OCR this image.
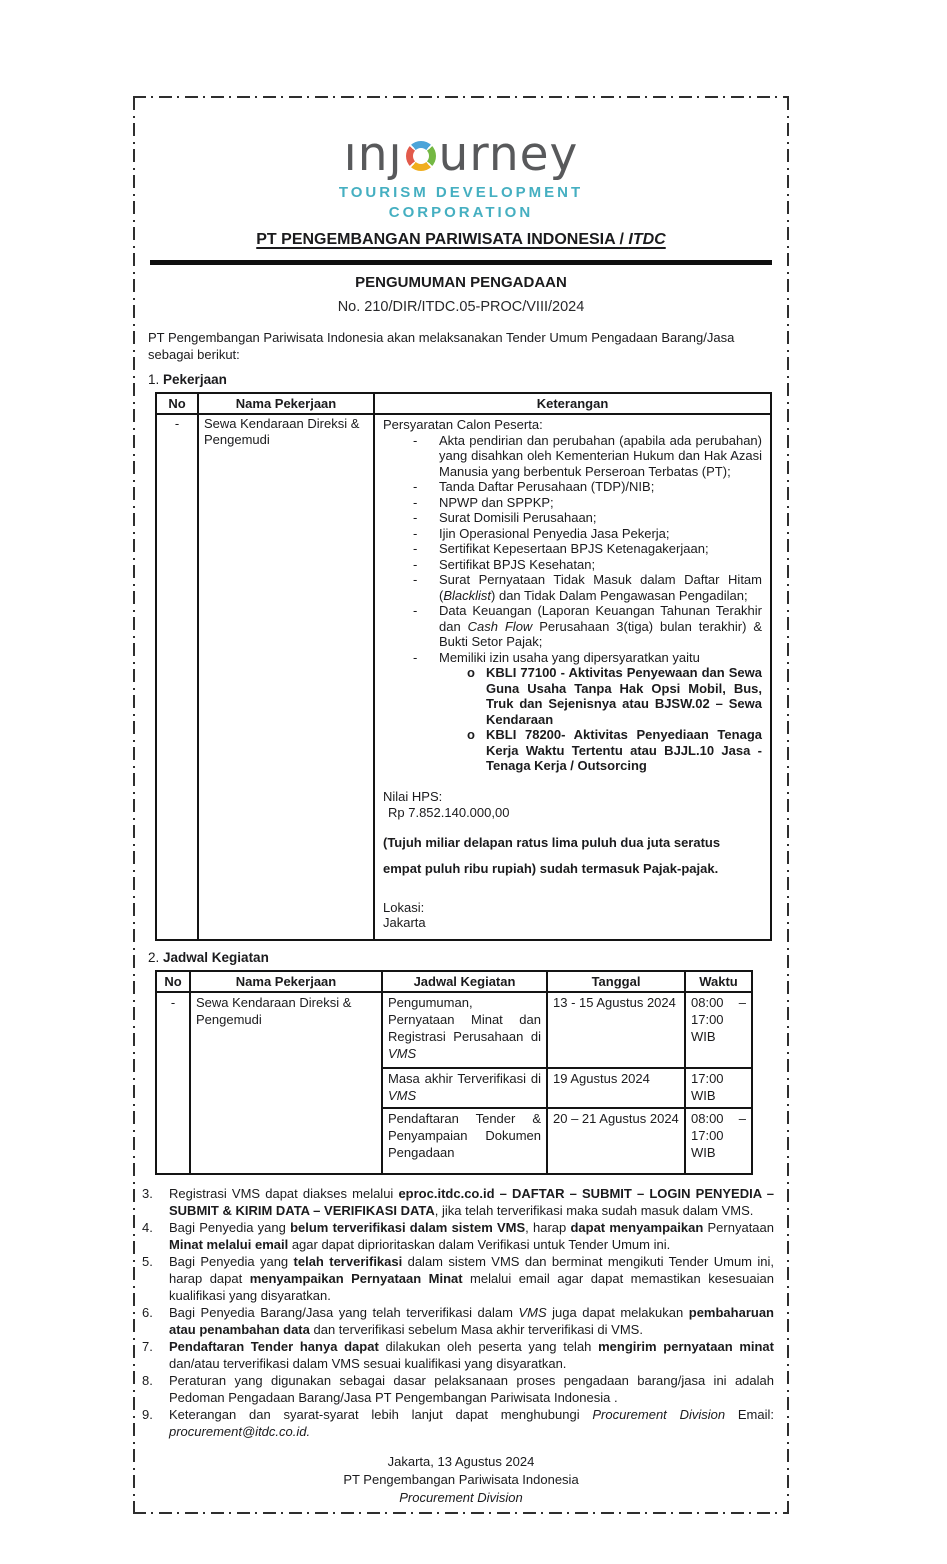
ınȷ urney
TOURISM DEVELOPMENT
CORPORATION
PT PENGEMBANGAN PARIWISATA INDONESIA / ITDC
PENGUMUMAN PENGADAAN
No. 210/DIR/ITDC.05-PROC/VIII/2024
PT Pengembangan Pariwisata Indonesia akan melaksanakan Tender Umum Pengadaan Barang/Jasa sebagai berikut:
1. Pekerjaan
No	Nama Pekerjaan	Keterangan
-	Sewa Kendaraan Direksi & Pengemudi	
Persyaratan Calon Peserta:
-	Akta pendirian dan perubahan (apabila ada perubahan) yang disahkan oleh Kementerian Hukum dan Hak Azasi Manusia yang berbentuk Perseroan Terbatas (PT);
-	Tanda Daftar Perusahaan (TDP)/NIB;
-	NPWP dan SPPKP;
-	Surat Domisili Perusahaan;
-	Ijin Operasional Penyedia Jasa Pekerja;
-	Sertifikat Kepesertaan BPJS Ketenagakerjaan;
-	Sertifikat BPJS Kesehatan;
-	Surat Pernyataan Tidak Masuk dalam Daftar Hitam (Blacklist) dan Tidak Dalam Pengawasan Pengadilan;
-	Data Keuangan (Laporan Keuangan Tahunan Terakhir dan Cash Flow Perusahaan 3(tiga) bulan terakhir) & Bukti Setor Pajak;
-	Memiliki izin usaha yang dipersyaratkan yaitu
o KBLI 77100 - Aktivitas Penyewaan dan Sewa Guna Usaha Tanpa Hak Opsi Mobil, Bus, Truk dan Sejenisnya atau BJSW.02 – Sewa Kendaraan
o KBLI 78200- Aktivitas Penyediaan Tenaga Kerja Waktu Tertentu atau BJJL.10 Jasa - Tenaga Kerja / Outsorcing
Nilai HPS:
Rp 7.852.140.000,00
(Tujuh miliar delapan ratus lima puluh dua juta seratus empat puluh ribu rupiah) sudah termasuk Pajak-pajak.
Lokasi:
Jakarta
2. Jadwal Kegiatan
No	Nama Pekerjaan	Jadwal Kegiatan	Tanggal	Waktu
-	Sewa Kendaraan Direksi & Pengemudi	Pengumuman, Pernyataan Minat dan Registrasi Perusahaan di VMS	13 - 15 Agustus 2024	08:00 – 17:00 WIB
		Masa akhir Terverifikasi di VMS	19 Agustus 2024	17:00 WIB
		Pendaftaran Tender & Penyampaian Dokumen Pengadaan	20 – 21 Agustus 2024	08:00 – 17:00 WIB
3.	Registrasi VMS dapat diakses melalui eproc.itdc.co.id – DAFTAR – SUBMIT – LOGIN PENYEDIA – SUBMIT & KIRIM DATA – VERIFIKASI DATA, jika telah terverifikasi maka sudah masuk dalam VMS.
4.	Bagi Penyedia yang belum terverifikasi dalam sistem VMS, harap dapat menyampaikan Pernyataan Minat melalui email agar dapat diprioritaskan dalam Verifikasi untuk Tender Umum ini.
5.	Bagi Penyedia yang telah terverifikasi dalam sistem VMS dan berminat mengikuti Tender Umum ini, harap dapat menyampaikan Pernyataan Minat melalui email agar dapat memastikan kesesuaian kualifikasi yang disyaratkan.
6.	Bagi Penyedia Barang/Jasa yang telah terverifikasi dalam VMS juga dapat melakukan pembaharuan atau penambahan data dan terverifikasi sebelum Masa akhir terverifikasi di VMS.
7.	Pendaftaran Tender hanya dapat dilakukan oleh peserta yang telah mengirim pernyataan minat dan/atau terverifikasi dalam VMS sesuai kualifikasi yang disyaratkan.
8.	Peraturan yang digunakan sebagai dasar pelaksanaan proses pengadaan barang/jasa ini adalah Pedoman Pengadaan Barang/Jasa PT Pengembangan Pariwisata Indonesia .
9.	Keterangan dan syarat-syarat lebih lanjut dapat menghubungi Procurement Division Email: procurement@itdc.co.id.
Jakarta, 13 Agustus 2024
PT Pengembangan Pariwisata Indonesia
Procurement Division
